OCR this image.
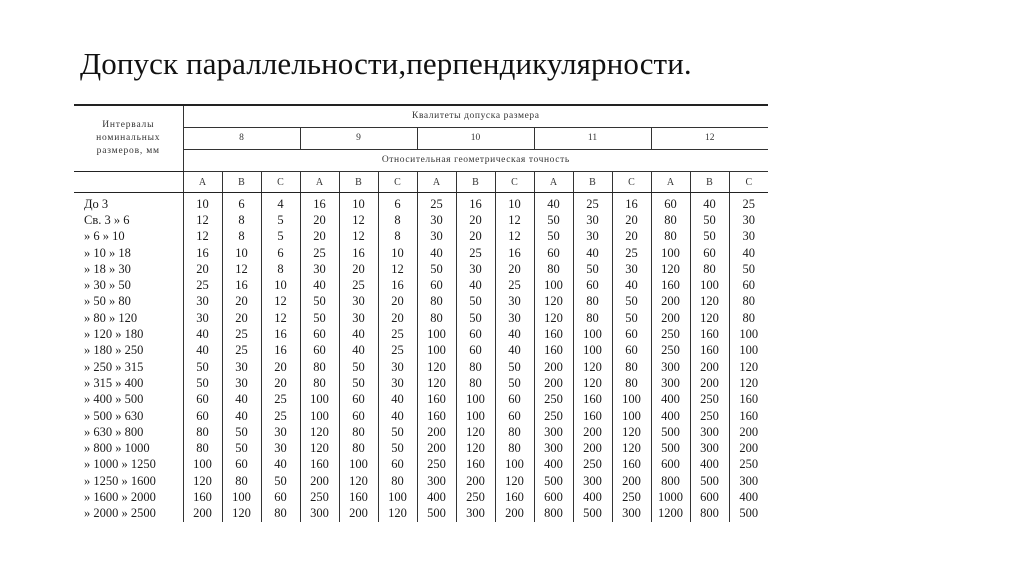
Допуск параллельности,перпендикулярности.
Интервалы номинальных размеров, мм	Квалитеты допуска размера														
	8			9			10			11			12		
	Относительная геометрическая точность														
	A	B	C	A	B	C	A	B	C	A	B	C	A	B	C
До 3	10	6	4	16	10	6	25	16	10	40	25	16	60	40	25
Св. 3 » 6	12	8	5	20	12	8	30	20	12	50	30	20	80	50	30
» 6 » 10	12	8	5	20	12	8	30	20	12	50	30	20	80	50	30
» 10 » 18	16	10	6	25	16	10	40	25	16	60	40	25	100	60	40
» 18 » 30	20	12	8	30	20	12	50	30	20	80	50	30	120	80	50
» 30 » 50	25	16	10	40	25	16	60	40	25	100	60	40	160	100	60
» 50 » 80	30	20	12	50	30	20	80	50	30	120	80	50	200	120	80
» 80 » 120	30	20	12	50	30	20	80	50	30	120	80	50	200	120	80
» 120 » 180	40	25	16	60	40	25	100	60	40	160	100	60	250	160	100
» 180 » 250	40	25	16	60	40	25	100	60	40	160	100	60	250	160	100
» 250 » 315	50	30	20	80	50	30	120	80	50	200	120	80	300	200	120
» 315 » 400	50	30	20	80	50	30	120	80	50	200	120	80	300	200	120
» 400 » 500	60	40	25	100	60	40	160	100	60	250	160	100	400	250	160
» 500 » 630	60	40	25	100	60	40	160	100	60	250	160	100	400	250	160
» 630 » 800	80	50	30	120	80	50	200	120	80	300	200	120	500	300	200
» 800 » 1000	80	50	30	120	80	50	200	120	80	300	200	120	500	300	200
» 1000 » 1250	100	60	40	160	100	60	250	160	100	400	250	160	600	400	250
» 1250 » 1600	120	80	50	200	120	80	300	200	120	500	300	200	800	500	300
» 1600 » 2000	160	100	60	250	160	100	400	250	160	600	400	250	1000	600	400
» 2000 » 2500	200	120	80	300	200	120	500	300	200	800	500	300	1200	800	500
